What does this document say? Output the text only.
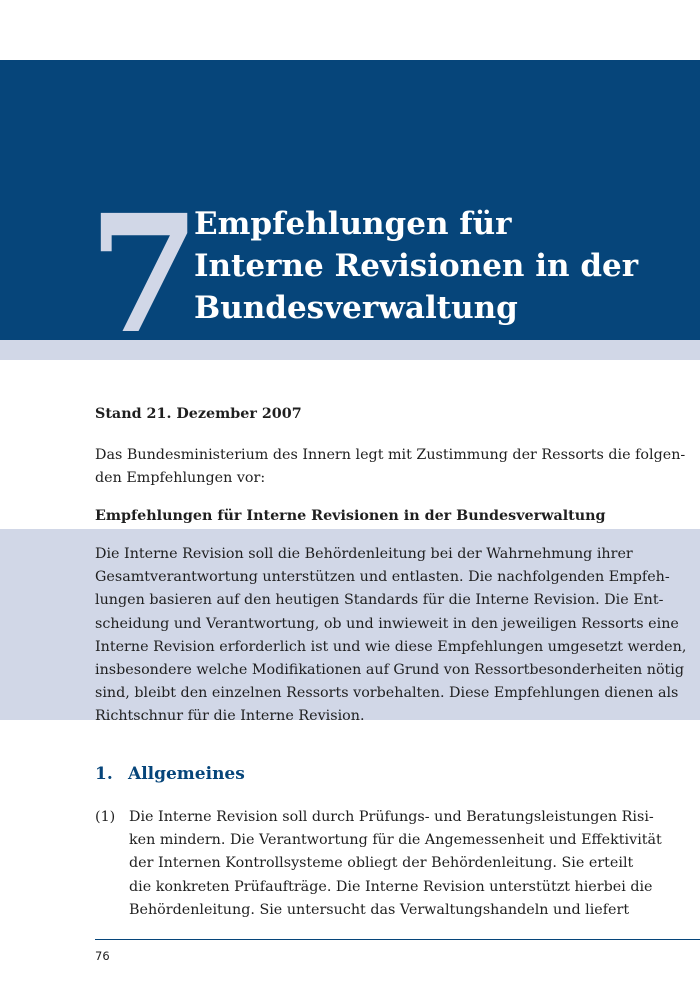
7
Empfehlungen für
Interne Revisionen in der
Bundesverwaltung
Stand 21. Dezember 2007
Das Bundesministerium des Innern legt mit Zustimmung der Ressorts die folgen-
den Empfehlungen vor:
Empfehlungen für Interne Revisionen in der Bundesverwaltung
Die Interne Revision soll die Behördenleitung bei der Wahrnehmung ihrer
Gesamtverantwortung unterstützen und entlasten. Die nachfolgenden Empfeh-
lungen basieren auf den heutigen Standards für die Interne Revision. Die Ent-
scheidung und Verantwortung, ob und inwieweit in den jeweiligen Ressorts eine
Interne Revision erforderlich ist und wie diese Empfehlungen umgesetzt werden,
insbesondere welche Modifikationen auf Grund von Ressortbesonderheiten nötig
sind, bleibt den einzelnen Ressorts vorbehalten. Diese Empfehlungen dienen als
Richtschnur für die Interne Revision.
1. Allgemeines
(1) Die Interne Revision soll durch Prüfungs- und Beratungsleistungen Risi-
ken mindern. Die Verantwortung für die Angemessenheit und Effektivität
der Internen Kontrollsysteme obliegt der Behördenleitung. Sie erteilt
die konkreten Prüfaufträge. Die Interne Revision unterstützt hierbei die
Behördenleitung. Sie untersucht das Verwaltungshandeln und liefert
76
